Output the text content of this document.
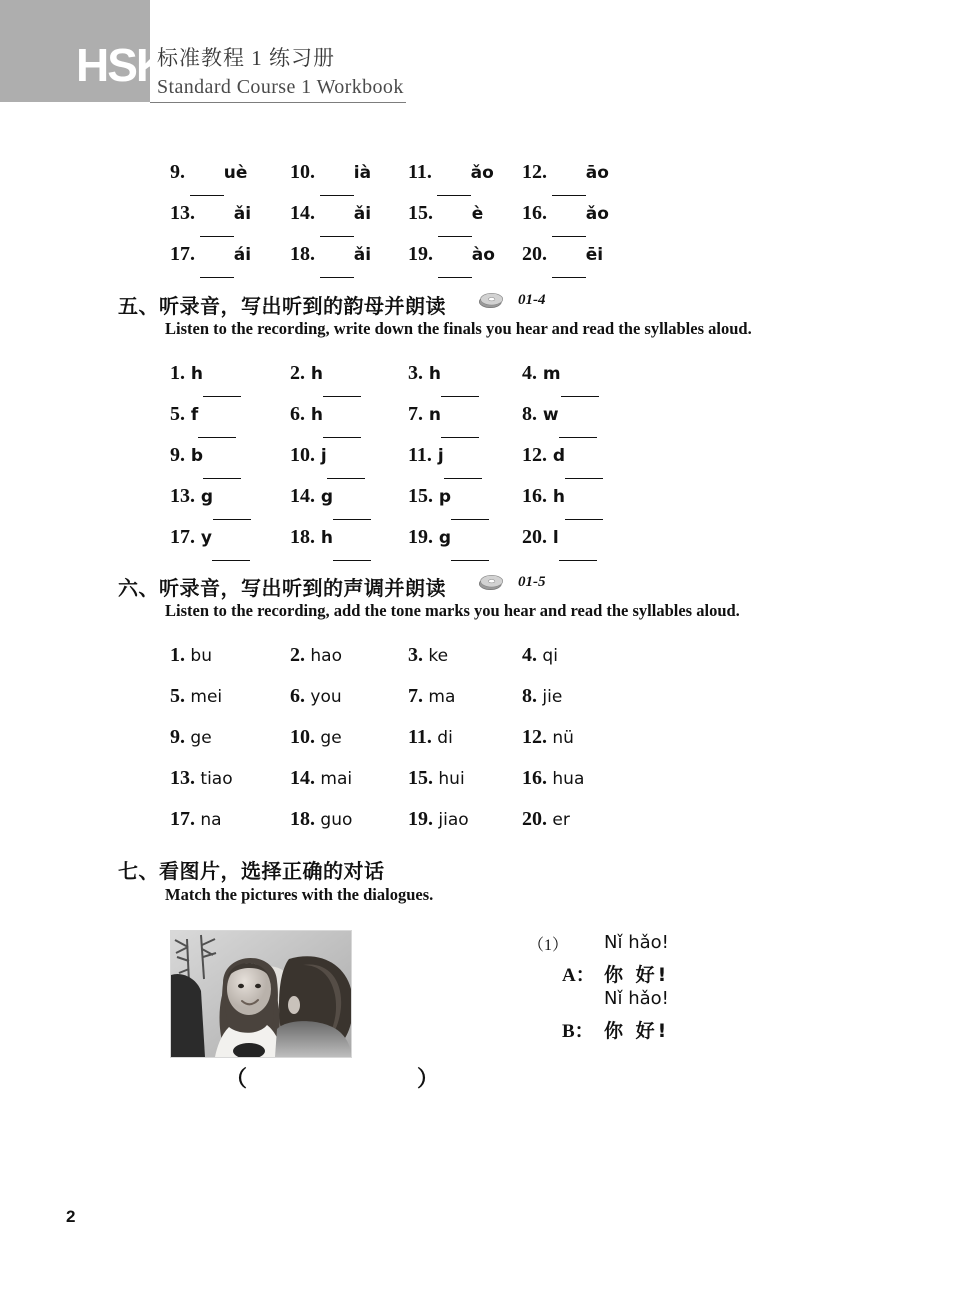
HSK
标准教程 1 练习册
Standard Course 1 Workbook
9. uè 10. ià 11. ǎo 12. āo
13. ǎi 14. ǎi 15. è 16. ǎo
17. ái 18. ǎi 19. ào 20. ēi
五、听录音，写出听到的韵母并朗读	01-4
Listen to the recording, write down the finals you hear and read the syllables aloud.
1. h	2. h	3. h	4. m
5. f	6. h	7. n	8. w
9. b	10. j	11. j	12. d
13. g	14. g	15. p	16. h
17. y	18. h	19. g	20. l
六、听录音，写出听到的声调并朗读	01-5
Listen to the recording, add the tone marks you hear and read the syllables aloud.
1. bu	2. hao	3. ke	4. qi
5. mei	6. you	7. ma	8. jie
9. ge	10. ge	11. di	12. nü
13. tiao	14. mai	15. hui	16. hua
17. na	18. guo	19. jiao	20. er
七、看图片，选择正确的对话
Match the pictures with the dialogues.
（　　）
（1） Nǐ hǎo!
A： 你 好!
Nǐ hǎo!
B： 你 好!
2
